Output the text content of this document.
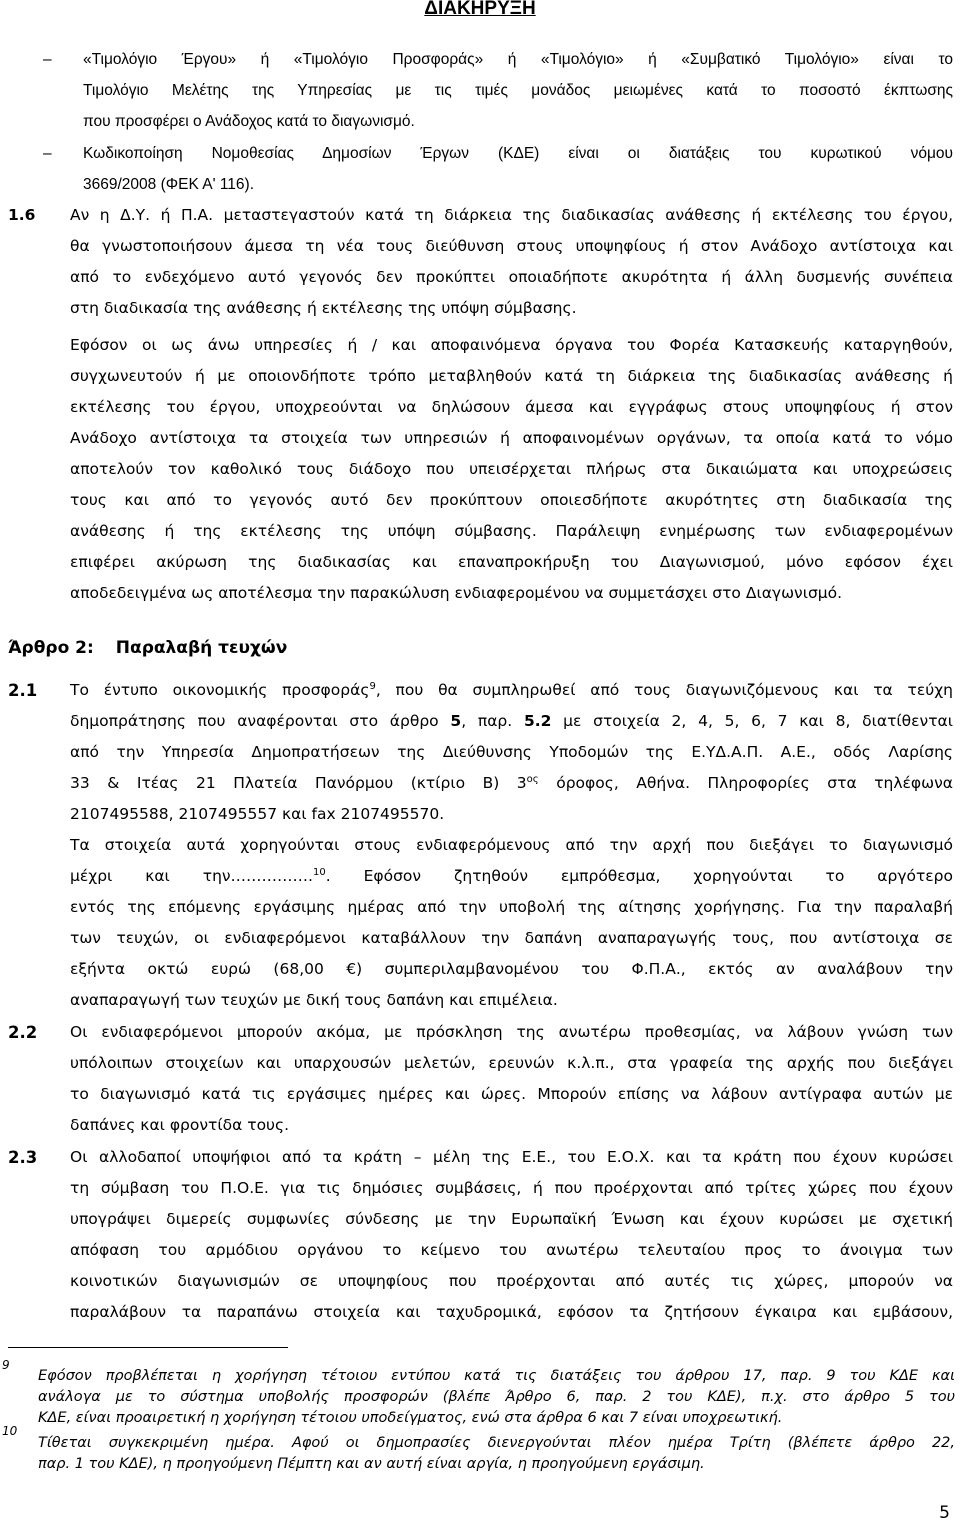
ΔΙΑΚΗΡΥΞΗ
– «Τιμολόγιο Έργου» ή «Τιμολόγιο Προσφοράς» ή «Τιμολόγιο» ή «Συμβατικό Τιμολόγιο» είναι το

Τιμολόγιο Μελέτης της Υπηρεσίας με τις τιμές μονάδος μειωμένες κατά το ποσοστό έκπτωσης

που προσφέρει ο Ανάδοχος κατά το διαγωνισμό.

– Κωδικοποίηση Νομοθεσίας Δημοσίων Έργων (ΚΔΕ) είναι οι διατάξεις του κυρωτικού νόμου

3669/2008 (ΦΕΚ Α' 116).

1.6 Αν η Δ.Υ. ή Π.Α. μεταστεγαστούν κατά τη διάρκεια της διαδικασίας ανάθεσης ή εκτέλεσης του έργου,

θα γνωστοποιήσουν άμεσα τη νέα τους διεύθυνση στους υποψηφίους ή στον Ανάδοχο αντίστοιχα και

από το ενδεχόμενο αυτό γεγονός δεν προκύπτει οποιαδήποτε ακυρότητα ή άλλη δυσμενής συνέπεια

στη διαδικασία της ανάθεσης ή εκτέλεσης της υπόψη σύμβασης.

Εφόσον οι ως άνω υπηρεσίες ή / και αποφαινόμενα όργανα του Φορέα Κατασκευής καταργηθούν,

συγχωνευτούν ή με οποιονδήποτε τρόπο μεταβληθούν κατά τη διάρκεια της διαδικασίας ανάθεσης ή

εκτέλεσης του έργου, υποχρεούνται να δηλώσουν άμεσα και εγγράφως στους υποψηφίους ή στον

Ανάδοχο αντίστοιχα τα στοιχεία των υπηρεσιών ή αποφαινομένων οργάνων, τα οποία κατά το νόμο

αποτελούν τον καθολικό τους διάδοχο που υπεισέρχεται πλήρως στα δικαιώματα και υποχρεώσεις

τους και από το γεγονός αυτό δεν προκύπτουν οποιεσδήποτε ακυρότητες στη διαδικασία της

ανάθεσης ή της εκτέλεσης της υπόψη σύμβασης. Παράλειψη ενημέρωσης των ενδιαφερομένων

επιφέρει ακύρωση της διαδικασίας και επαναπροκήρυξη του Διαγωνισμού, μόνο εφόσον έχει

αποδεδειγμένα ως αποτέλεσμα την παρακώλυση ενδιαφερομένου να συμμετάσχει στο Διαγωνισμό.

Άρθρο 2: Παραλαβή τευχών
2.1 Το έντυπο οικονομικής προσφοράς$^9$, που θα συμπληρωθεί από τους διαγωνιζόμενους και τα τεύχη

δημοπράτησης που αναφέρονται στο άρθρο 5, παρ. 5.2 με στοιχεία 2, 4, 5, 6, 7 και 8, διατίθενται

από την Υπηρεσία Δημοπρατήσεων της Διεύθυνσης Υποδομών της Ε.ΥΔ.Α.Π. Α.Ε., οδός Λαρίσης

33 & Ιτέας 21 Πλατεία Πανόρμου (κτίριο Β) $3^{o\varsigma}$ όροφος, Αθήνα. Πληροφορίες στα τηλέφωνα

2107495588, 2107495557 και fax 2107495570.

Τα στοιχεία αυτά χορηγούνται στους ενδιαφερόμενους από την αρχή που διεξάγει το διαγωνισμό

μέχρι και την…………….$^{10}$. Εφόσον ζητηθούν εμπρόθεσμα, χορηγούνται το αργότερο

εντός της επόμενης εργάσιμης ημέρας από την υποβολή της αίτησης χορήγησης. Για την παραλαβή

των τευχών, οι ενδιαφερόμενοι καταβάλλουν την δαπάνη αναπαραγωγής τους, που αντίστοιχα σε

εξήντα οκτώ ευρώ (68,00 €) συμπεριλαμβανομένου του Φ.Π.Α., εκτός αν αναλάβουν την

αναπαραγωγή των τευχών με δική τους δαπάνη και επιμέλεια.

2.2 Οι ενδιαφερόμενοι μπορούν ακόμα, με πρόσκληση της ανωτέρω προθεσμίας, να λάβουν γνώση των

υπόλοιπων στοιχείων και υπαρχουσών μελετών, ερευνών κ.λ.π., στα γραφεία της αρχής που διεξάγει

το διαγωνισμό κατά τις εργάσιμες ημέρες και ώρες. Μπορούν επίσης να λάβουν αντίγραφα αυτών με

δαπάνες και φροντίδα τους.

2.3 Οι αλλοδαποί υποψήφιοι από τα κράτη – μέλη της Ε.Ε., του Ε.Ο.Χ. και τα κράτη που έχουν κυρώσει

τη σύμβαση του Π.Ο.Ε. για τις δημόσιες συμβάσεις, ή που προέρχονται από τρίτες χώρες που έχουν

υπογράψει διμερείς συμφωνίες σύνδεσης με την Ευρωπαϊκή Ένωση και έχουν κυρώσει με σχετική

απόφαση του αρμόδιου οργάνου το κείμενο του ανωτέρω τελευταίου προς το άνοιγμα των

κοινοτικών διαγωνισμών σε υποψηφίους που προέρχονται από αυτές τις χώρες, μπορούν να

παραλάβουν τα παραπάνω στοιχεία και ταχυδρομικά, εφόσον τα ζητήσουν έγκαιρα και εμβάσουν,

9

Εφόσον προβλέπεται η χορήγηση τέτοιου εντύπου κατά τις διατάξεις του άρθρου 17, παρ. 9 του ΚΔΕ και

ανάλογα με το σύστημα υποβολής προσφορών (βλέπε Άρθρο 6, παρ. 2 του ΚΔΕ), π.χ. στο άρθρο 5 του

ΚΔΕ, είναι προαιρετική η χορήγηση τέτοιου υποδείγματος, ενώ στα άρθρα 6 και 7 είναι υποχρεωτική.

10

Τίθεται συγκεκριμένη ημέρα. Αφού οι δημοπρασίες διενεργούνται πλέον ημέρα Τρίτη (βλέπετε άρθρο 22,

παρ. 1 του ΚΔΕ), η προηγούμενη Πέμπτη και αν αυτή είναι αργία, η προηγούμενη εργάσιμη.

5
